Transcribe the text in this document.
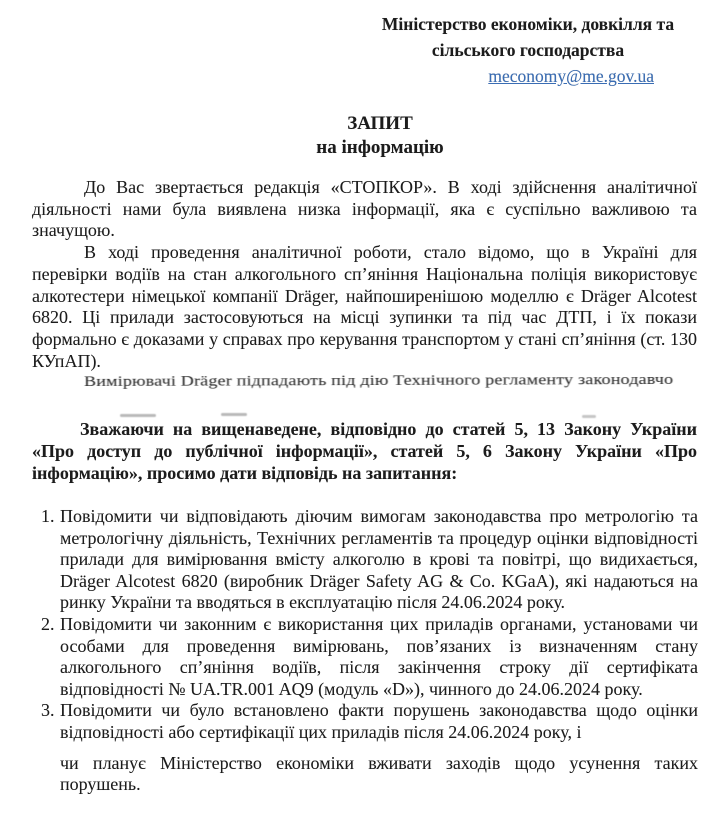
Міністерство економіки, довкілля та
сільського господарства
meconomy@me.gov.ua
ЗАПИТ
на інформацію

До Вас звертається редакція «СТОПКОР». В ході здійснення аналітичної діяльності нами була виявлена низка інформації, яка є суспільно важливою та значущою.

В ході проведення аналітичної роботи, стало відомо, що в Україні для перевірки водіїв на стан алкогольного сп’яніння Національна поліція використовує алкотестери німецької компанії Dräger, найпоширенішою моделлю є Dräger Alcotest 6820. Ці прилади застосовуються на місці зупинки та під час ДТП, і їх покази формально є доказами у справах про керування транспортом у стані сп’яніння (ст. 130 КУпАП).

Вимірювачі Dräger підпадають під дію Технічного регламенту законодавчо
Зважаючи на вищенаведене, відповідно до статей 5, 13 Закону України «Про доступ до публічної інформації», статей 5, 6 Закону України «Про інформацію», просимо дати відповідь на запитання:
1. Повідомити чи відповідають діючим вимогам законодавства про метрологію та метрологічну діяльність, Технічних регламентів та процедур оцінки відповідності прилади для вимірювання вмісту алкоголю в крові та повітрі, що видихається, Dräger Alcotest 6820 (виробник Dräger Safety AG & Co. KGaA), які надаються на ринку України та вводяться в експлуатацію після 24.06.2024 року.
2. Повідомити чи законним є використання цих приладів органами, установами чи особами для проведення вимірювань, пов’язаних із визначенням стану алкогольного сп’яніння водіїв, після закінчення строку дії сертифіката відповідності № UA.TR.001 AQ9 (модуль «D»), чинного до 24.06.2024 року.
3. Повідомити чи було встановлено факти порушень законодавства щодо оцінки відповідності або сертифікації цих приладів після 24.06.2024 року, і
чи планує Міністерство економіки вживати заходів щодо усунення таких порушень.
